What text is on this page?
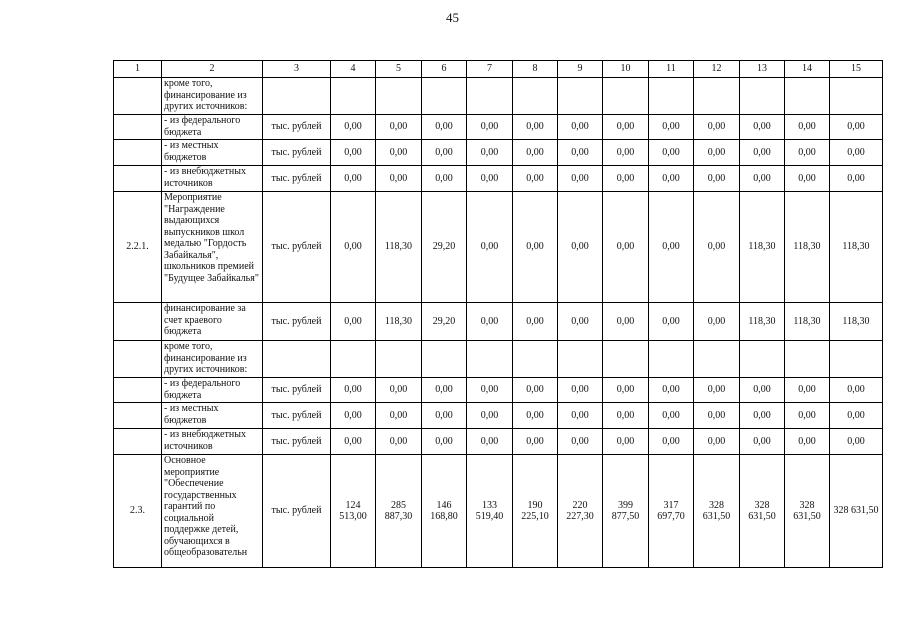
45
1	2	3	4	5	6	7	8	9	10	11	12	13	14	15
	кроме того, финансирование из других источников:													
	- из федерального бюджета	тыс. рублей	0,00	0,00	0,00	0,00	0,00	0,00	0,00	0,00	0,00	0,00	0,00	0,00
	- из местных бюджетов	тыс. рублей	0,00	0,00	0,00	0,00	0,00	0,00	0,00	0,00	0,00	0,00	0,00	0,00
	- из внебюджетных источников	тыс. рублей	0,00	0,00	0,00	0,00	0,00	0,00	0,00	0,00	0,00	0,00	0,00	0,00
2.2.1.	Мероприятие "Награждение выдающихся выпускников школ медалью "Гордость Забайкалья", школьников премией "Будущее Забайкалья"	тыс. рублей	0,00	118,30	29,20	0,00	0,00	0,00	0,00	0,00	0,00	118,30	118,30	118,30
	финансирование за счет краевого бюджета	тыс. рублей	0,00	118,30	29,20	0,00	0,00	0,00	0,00	0,00	0,00	118,30	118,30	118,30
	кроме того, финансирование из других источников:													
	- из федерального бюджета	тыс. рублей	0,00	0,00	0,00	0,00	0,00	0,00	0,00	0,00	0,00	0,00	0,00	0,00
	- из местных бюджетов	тыс. рублей	0,00	0,00	0,00	0,00	0,00	0,00	0,00	0,00	0,00	0,00	0,00	0,00
	- из внебюджетных источников	тыс. рублей	0,00	0,00	0,00	0,00	0,00	0,00	0,00	0,00	0,00	0,00	0,00	0,00
2.3.	Основное мероприятие "Обеспечение государственных гарантий по социальной поддержке детей, обучающихся в общеобразовательн	тыс. рублей	124 513,00	285 887,30	146 168,80	133 519,40	190 225,10	220 227,30	399 877,50	317 697,70	328 631,50	328 631,50	328 631,50	328 631,50
